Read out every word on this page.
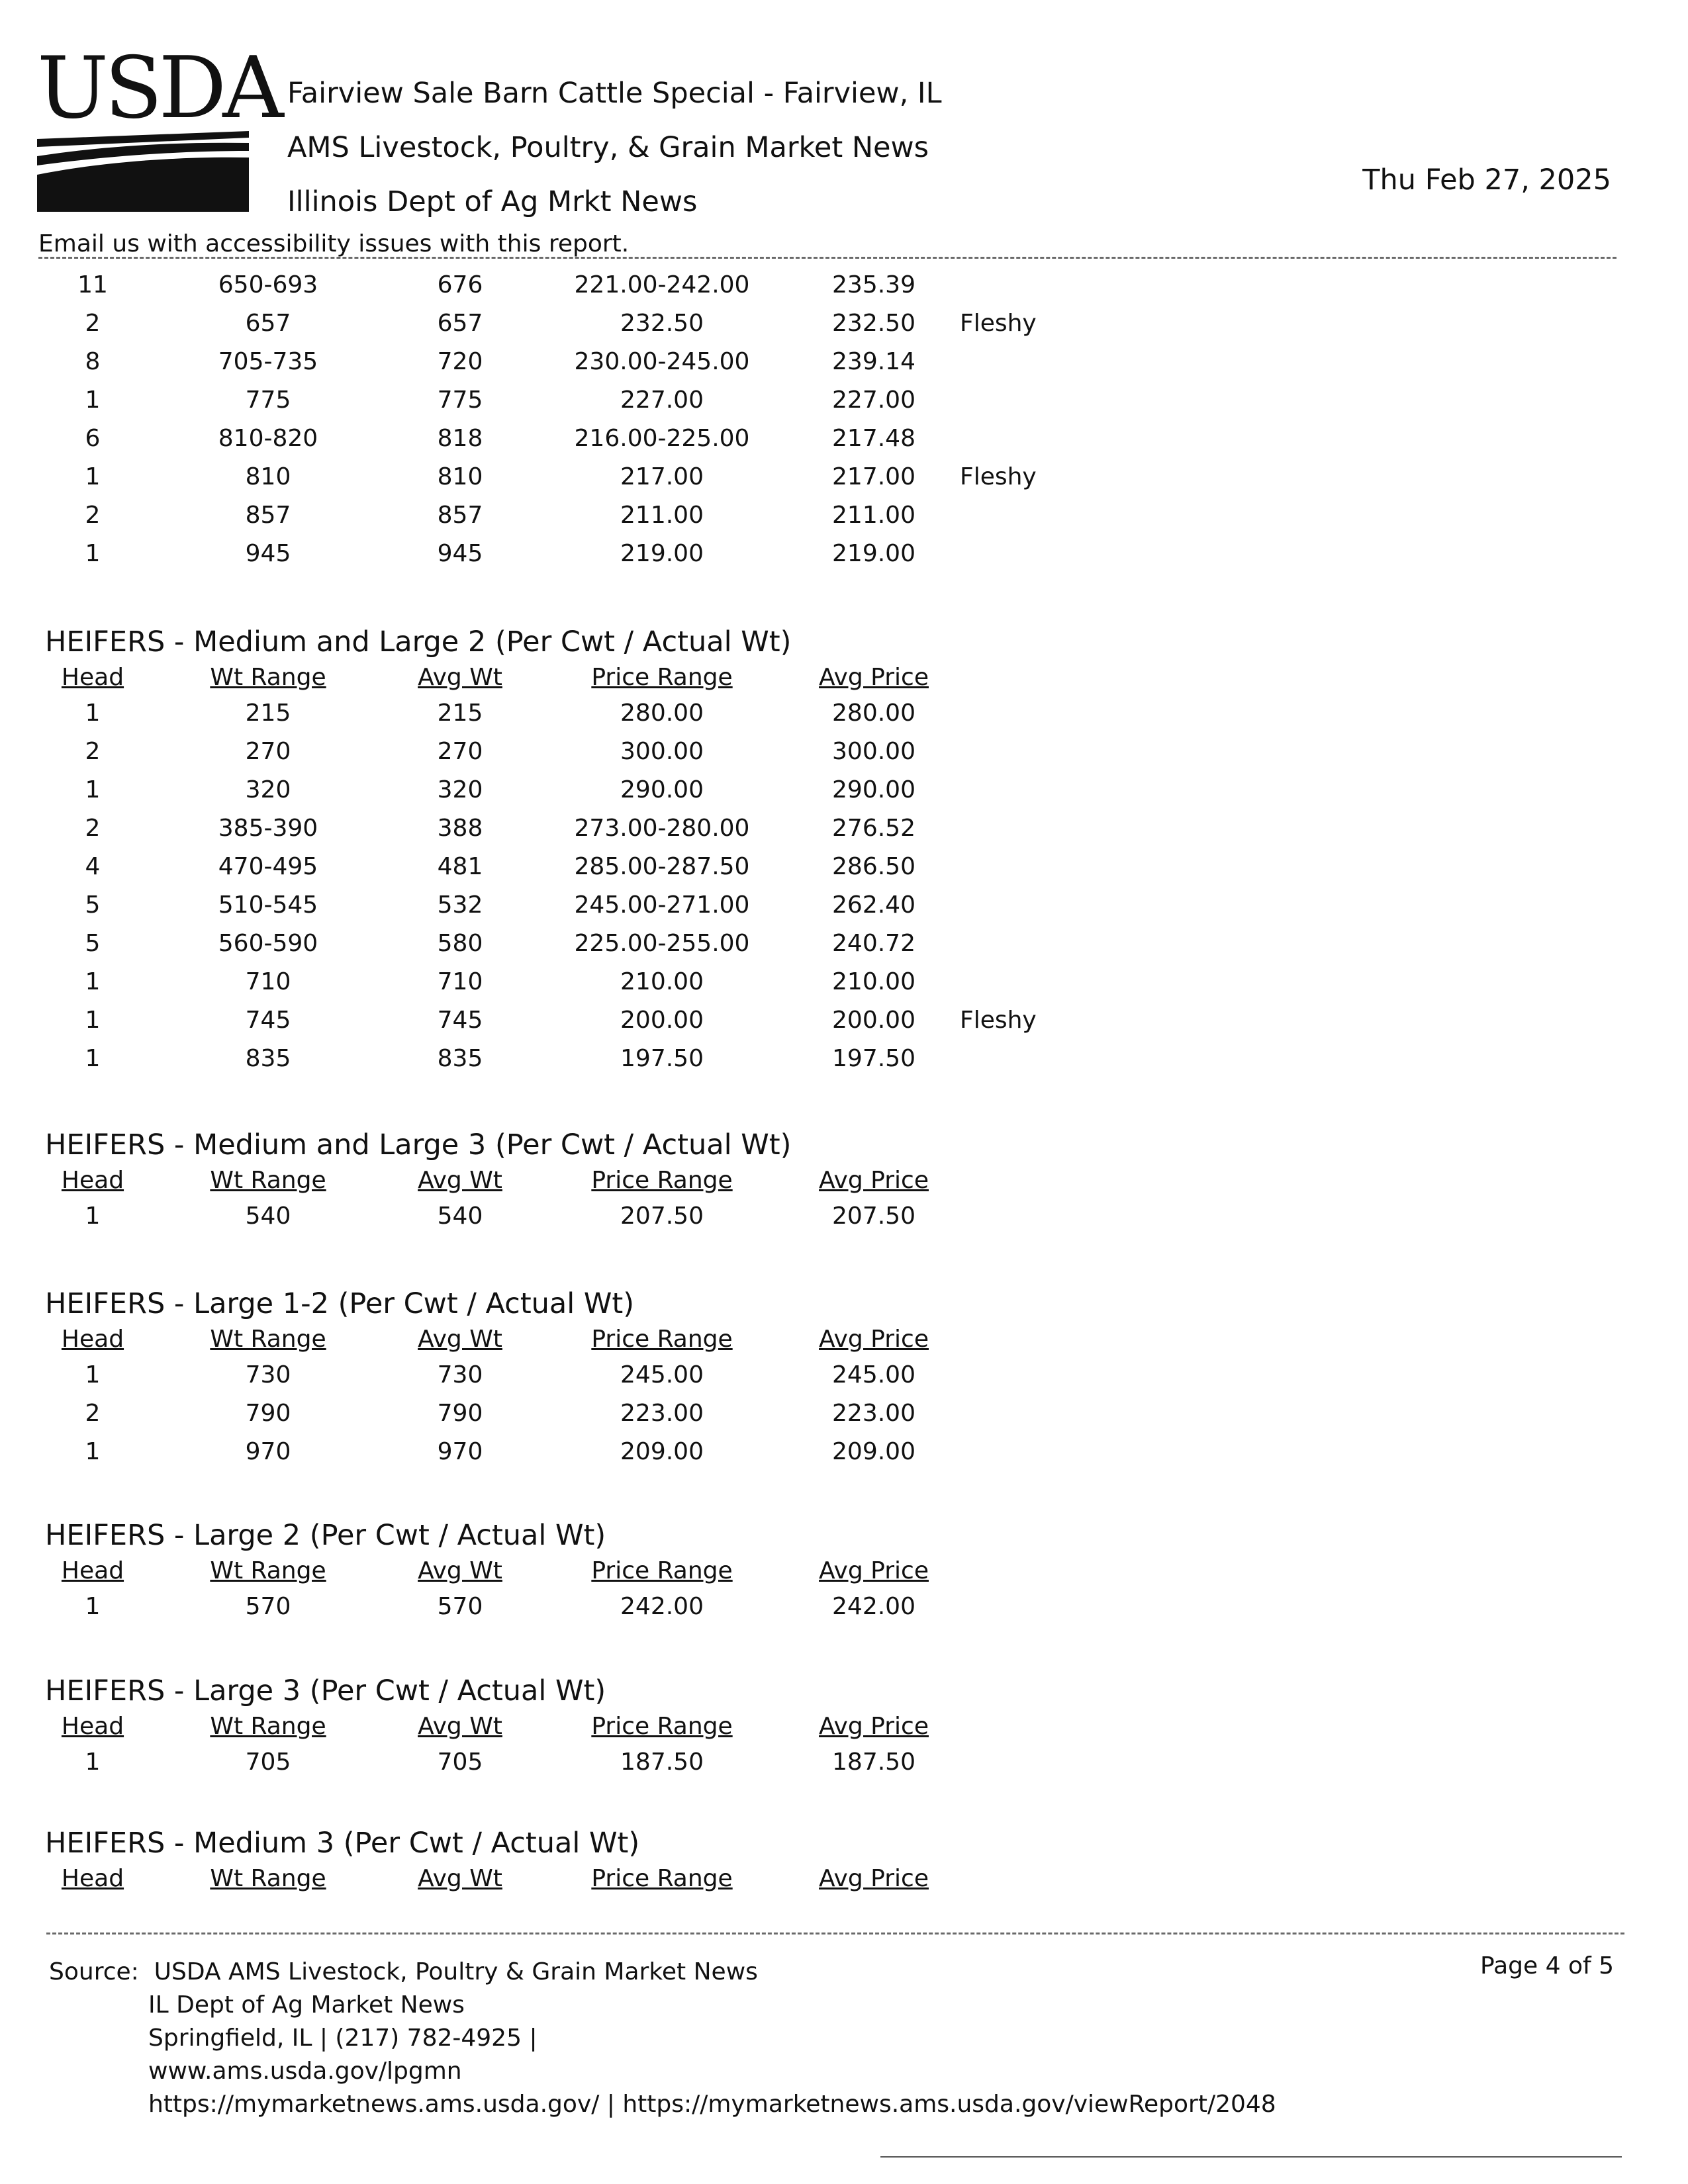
USDA Fairview Sale Barn Cattle Special - Fairview, IL
AMS Livestock, Poultry, & Grain Market News
Illinois Dept of Ag Mrkt News
Thu Feb 27, 2025
Email us with accessibility issues with this report.
11	650-693	676	221.00-242.00	235.39
2	657	657	232.50	232.50	Fleshy
8	705-735	720	230.00-245.00	239.14
1	775	775	227.00	227.00
6	810-820	818	216.00-225.00	217.48
1	810	810	217.00	217.00	Fleshy
2	857	857	211.00	211.00
1	945	945	219.00	219.00
HEIFERS - Medium and Large 2 (Per Cwt / Actual Wt)
Head	Wt Range	Avg Wt	Price Range	Avg Price
1	215	215	280.00	280.00
2	270	270	300.00	300.00
1	320	320	290.00	290.00
2	385-390	388	273.00-280.00	276.52
4	470-495	481	285.00-287.50	286.50
5	510-545	532	245.00-271.00	262.40
5	560-590	580	225.00-255.00	240.72
1	710	710	210.00	210.00
1	745	745	200.00	200.00	Fleshy
1	835	835	197.50	197.50
HEIFERS - Medium and Large 3 (Per Cwt / Actual Wt)
Head	Wt Range	Avg Wt	Price Range	Avg Price
1	540	540	207.50	207.50
HEIFERS - Large 1-2 (Per Cwt / Actual Wt)
Head	Wt Range	Avg Wt	Price Range	Avg Price
1	730	730	245.00	245.00
2	790	790	223.00	223.00
1	970	970	209.00	209.00
HEIFERS - Large 2 (Per Cwt / Actual Wt)
Head	Wt Range	Avg Wt	Price Range	Avg Price
1	570	570	242.00	242.00
HEIFERS - Large 3 (Per Cwt / Actual Wt)
Head	Wt Range	Avg Wt	Price Range	Avg Price
1	705	705	187.50	187.50
HEIFERS - Medium 3 (Per Cwt / Actual Wt)
Head	Wt Range	Avg Wt	Price Range	Avg Price
Source: USDA AMS Livestock, Poultry & Grain Market News
IL Dept of Ag Market News
Springfield, IL | (217) 782-4925 |
www.ams.usda.gov/lpgmn
https://mymarketnews.ams.usda.gov/ | https://mymarketnews.ams.usda.gov/viewReport/2048
Page 4 of 5
